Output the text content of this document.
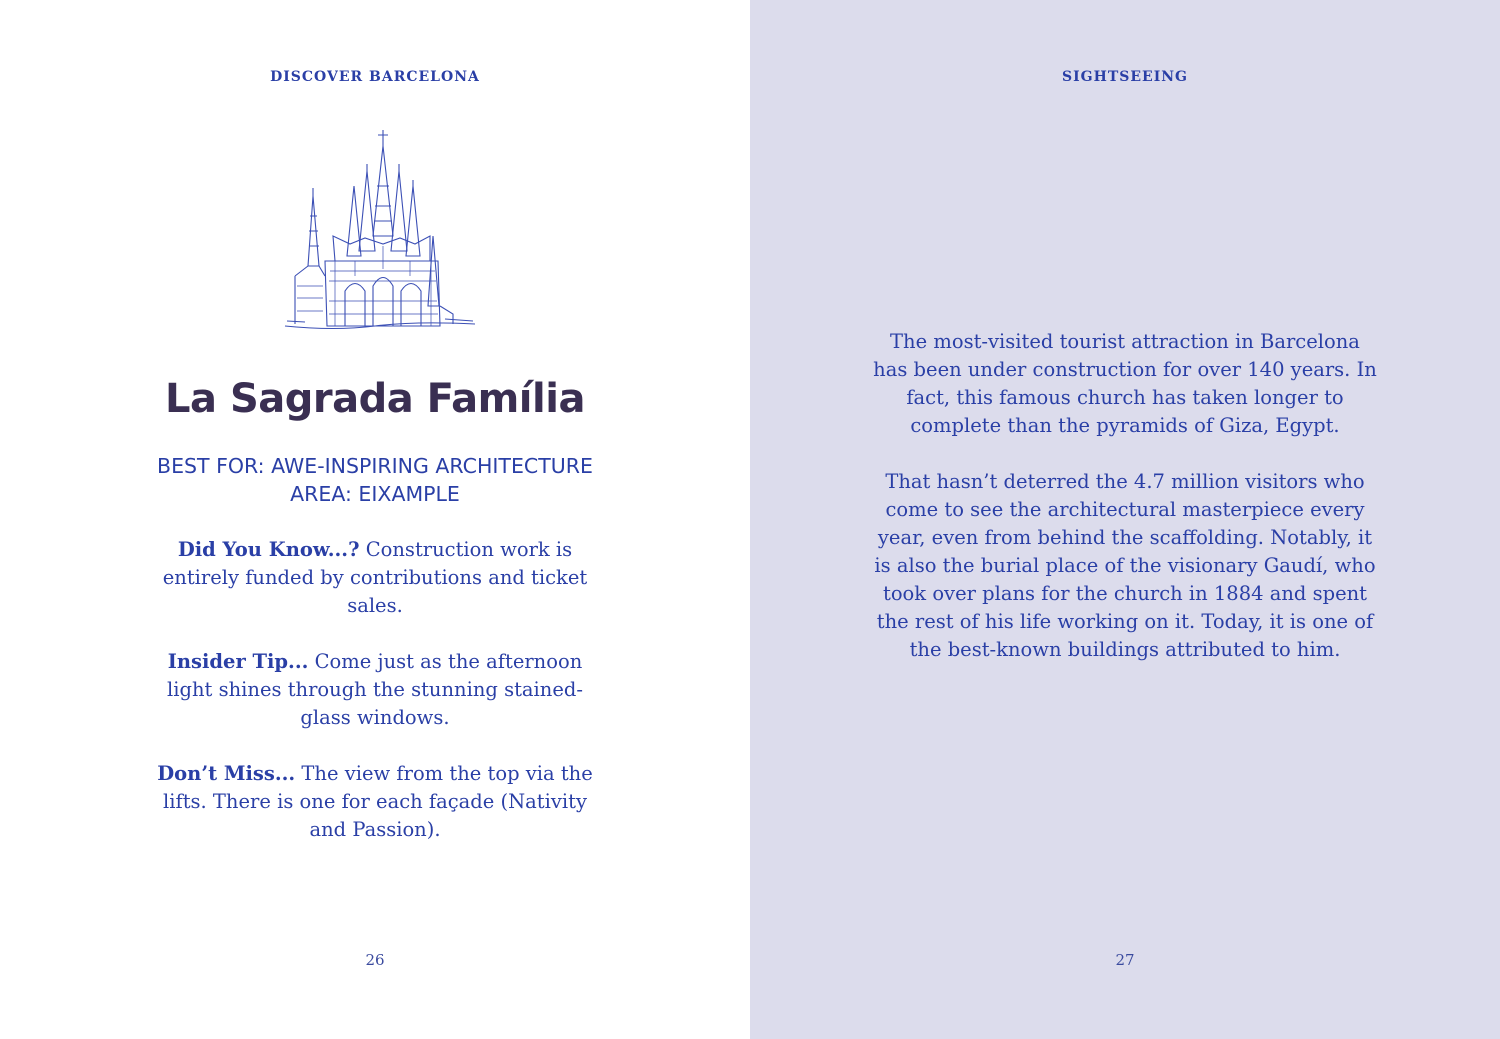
DISCOVER BARCELONA
La Sagrada Família
BEST FOR: AWE-INSPIRING ARCHITECTURE
AREA: EIXAMPLE

Did You Know...? Construction work is entirely funded by contributions and ticket sales.

Insider Tip... Come just as the afternoon light shines through the stunning stained-glass windows.

Don’t Miss... The view from the top via the lifts. There is one for each façade (Nativity and Passion).

26
SIGHTSEEING
27

The most-visited tourist attraction in Barcelona has been under construction for over 140 years. In fact, this famous church has taken longer to complete than the pyramids of Giza, Egypt.

That hasn’t deterred the 4.7 million visitors who come to see the architectural masterpiece every year, even from behind the scaffolding. Notably, it is also the burial place of the visionary Gaudí, who took over plans for the church in 1884 and spent the rest of his life working on it. Today, it is one of the best-known buildings attributed to him.
